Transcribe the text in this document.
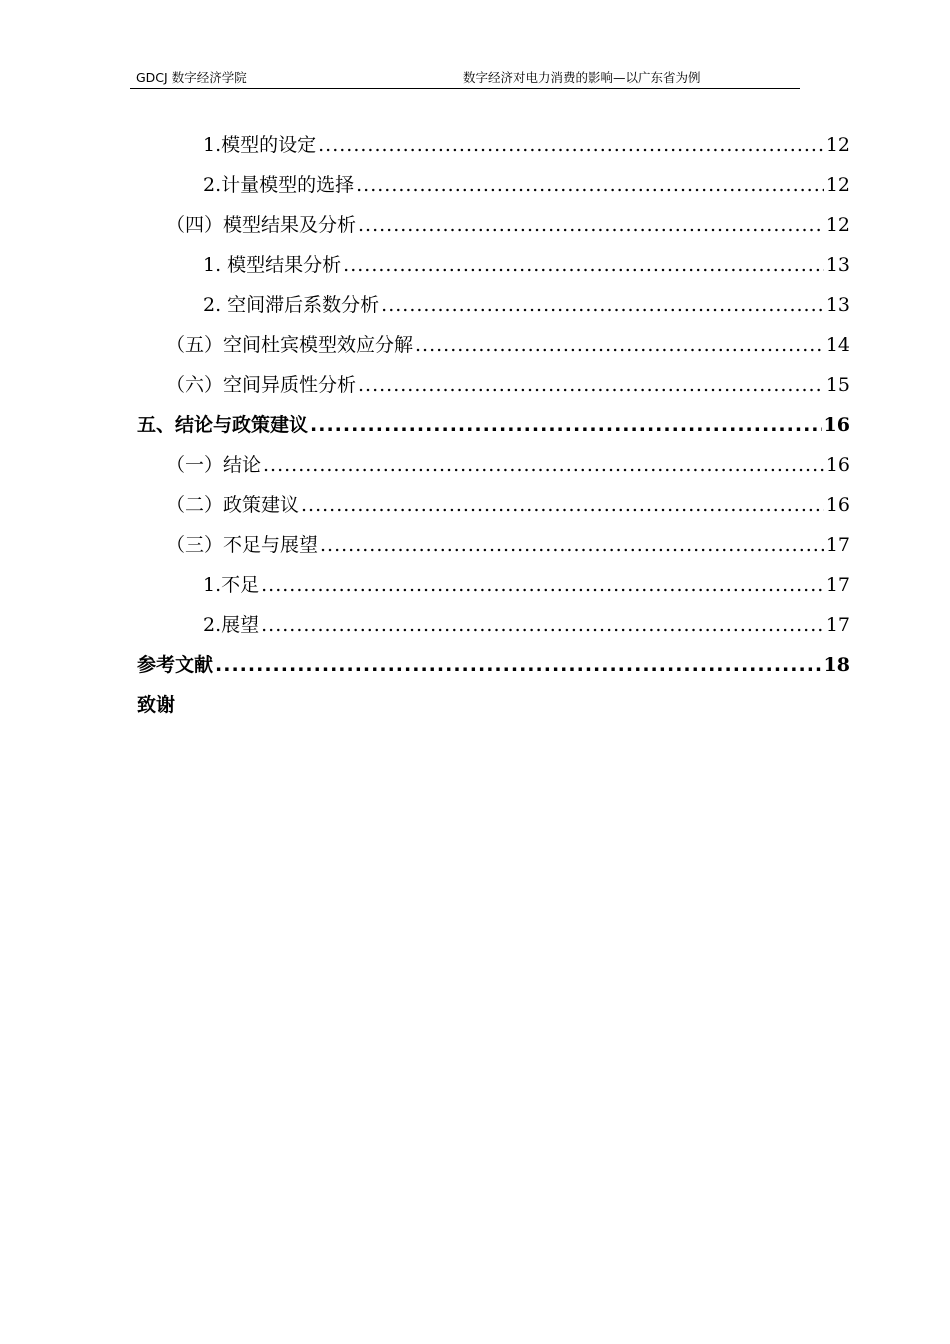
GDCJ 数字经济学院	数字经济对电力消费的影响—以广东省为例
1.模型的设定 .....	12
2.计量模型的选择 .....	12
（四）模型结果及分析 .....	12
1. 模型结果分析 .....	13
2. 空间滞后系数分析 .....	13
（五）空间杜宾模型效应分解 .....	14
（六）空间异质性分析 .....	15
五、结论与政策建议 .....	16
（一）结论 .....	16
（二）政策建议 .....	16
（三）不足与展望 .....	17
1.不足 .....	17
2.展望 .....	17
参考文献 .....	18
致谢
